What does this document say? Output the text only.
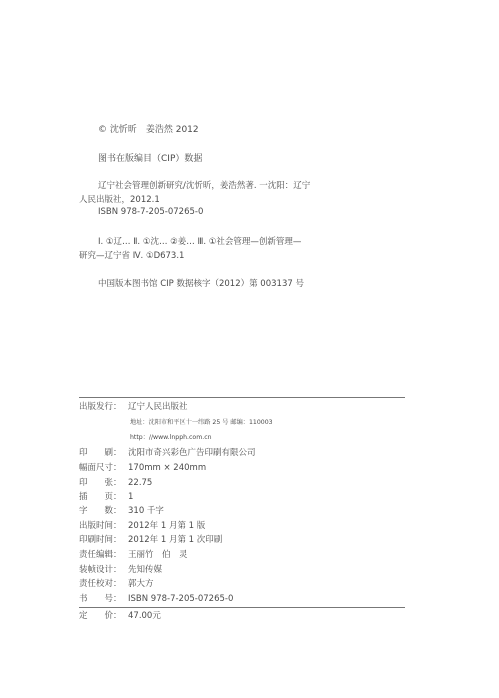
© 沈忻昕　姜浩然 2012
图书在版编目（CIP）数据
辽宁社会管理创新研究/沈忻昕，姜浩然著. 一沈阳：辽宁
人民出版社，2012.1
ISBN 978-7-205-07265-0
Ⅰ. ①辽… Ⅱ. ①沈… ②姜… Ⅲ. ①社会管理—创新管理—
研究—辽宁省 Ⅳ. ①D673.1
中国版本图书馆 CIP 数据核字（2012）第 003137 号
出版发行： 辽宁人民出版社
地址：沈阳市和平区十一纬路 25 号 邮编：110003
http：//www.lnpph.com.cn
印　　刷： 沈阳市奇兴彩色广告印刷有限公司
幅面尺寸： 170mm × 240mm
印　　张： 22.75
插　　页： 1
字　　数： 310 千字
出版时间： 2012年 1 月第 1 版
印刷时间： 2012年 1 月第 1 次印刷
责任编辑： 王丽竹　伯　灵
装帧设计： 先知传媒
责任校对： 郭大方
书　　号： ISBN 978-7-205-07265-0
定　　价： 47.00元
